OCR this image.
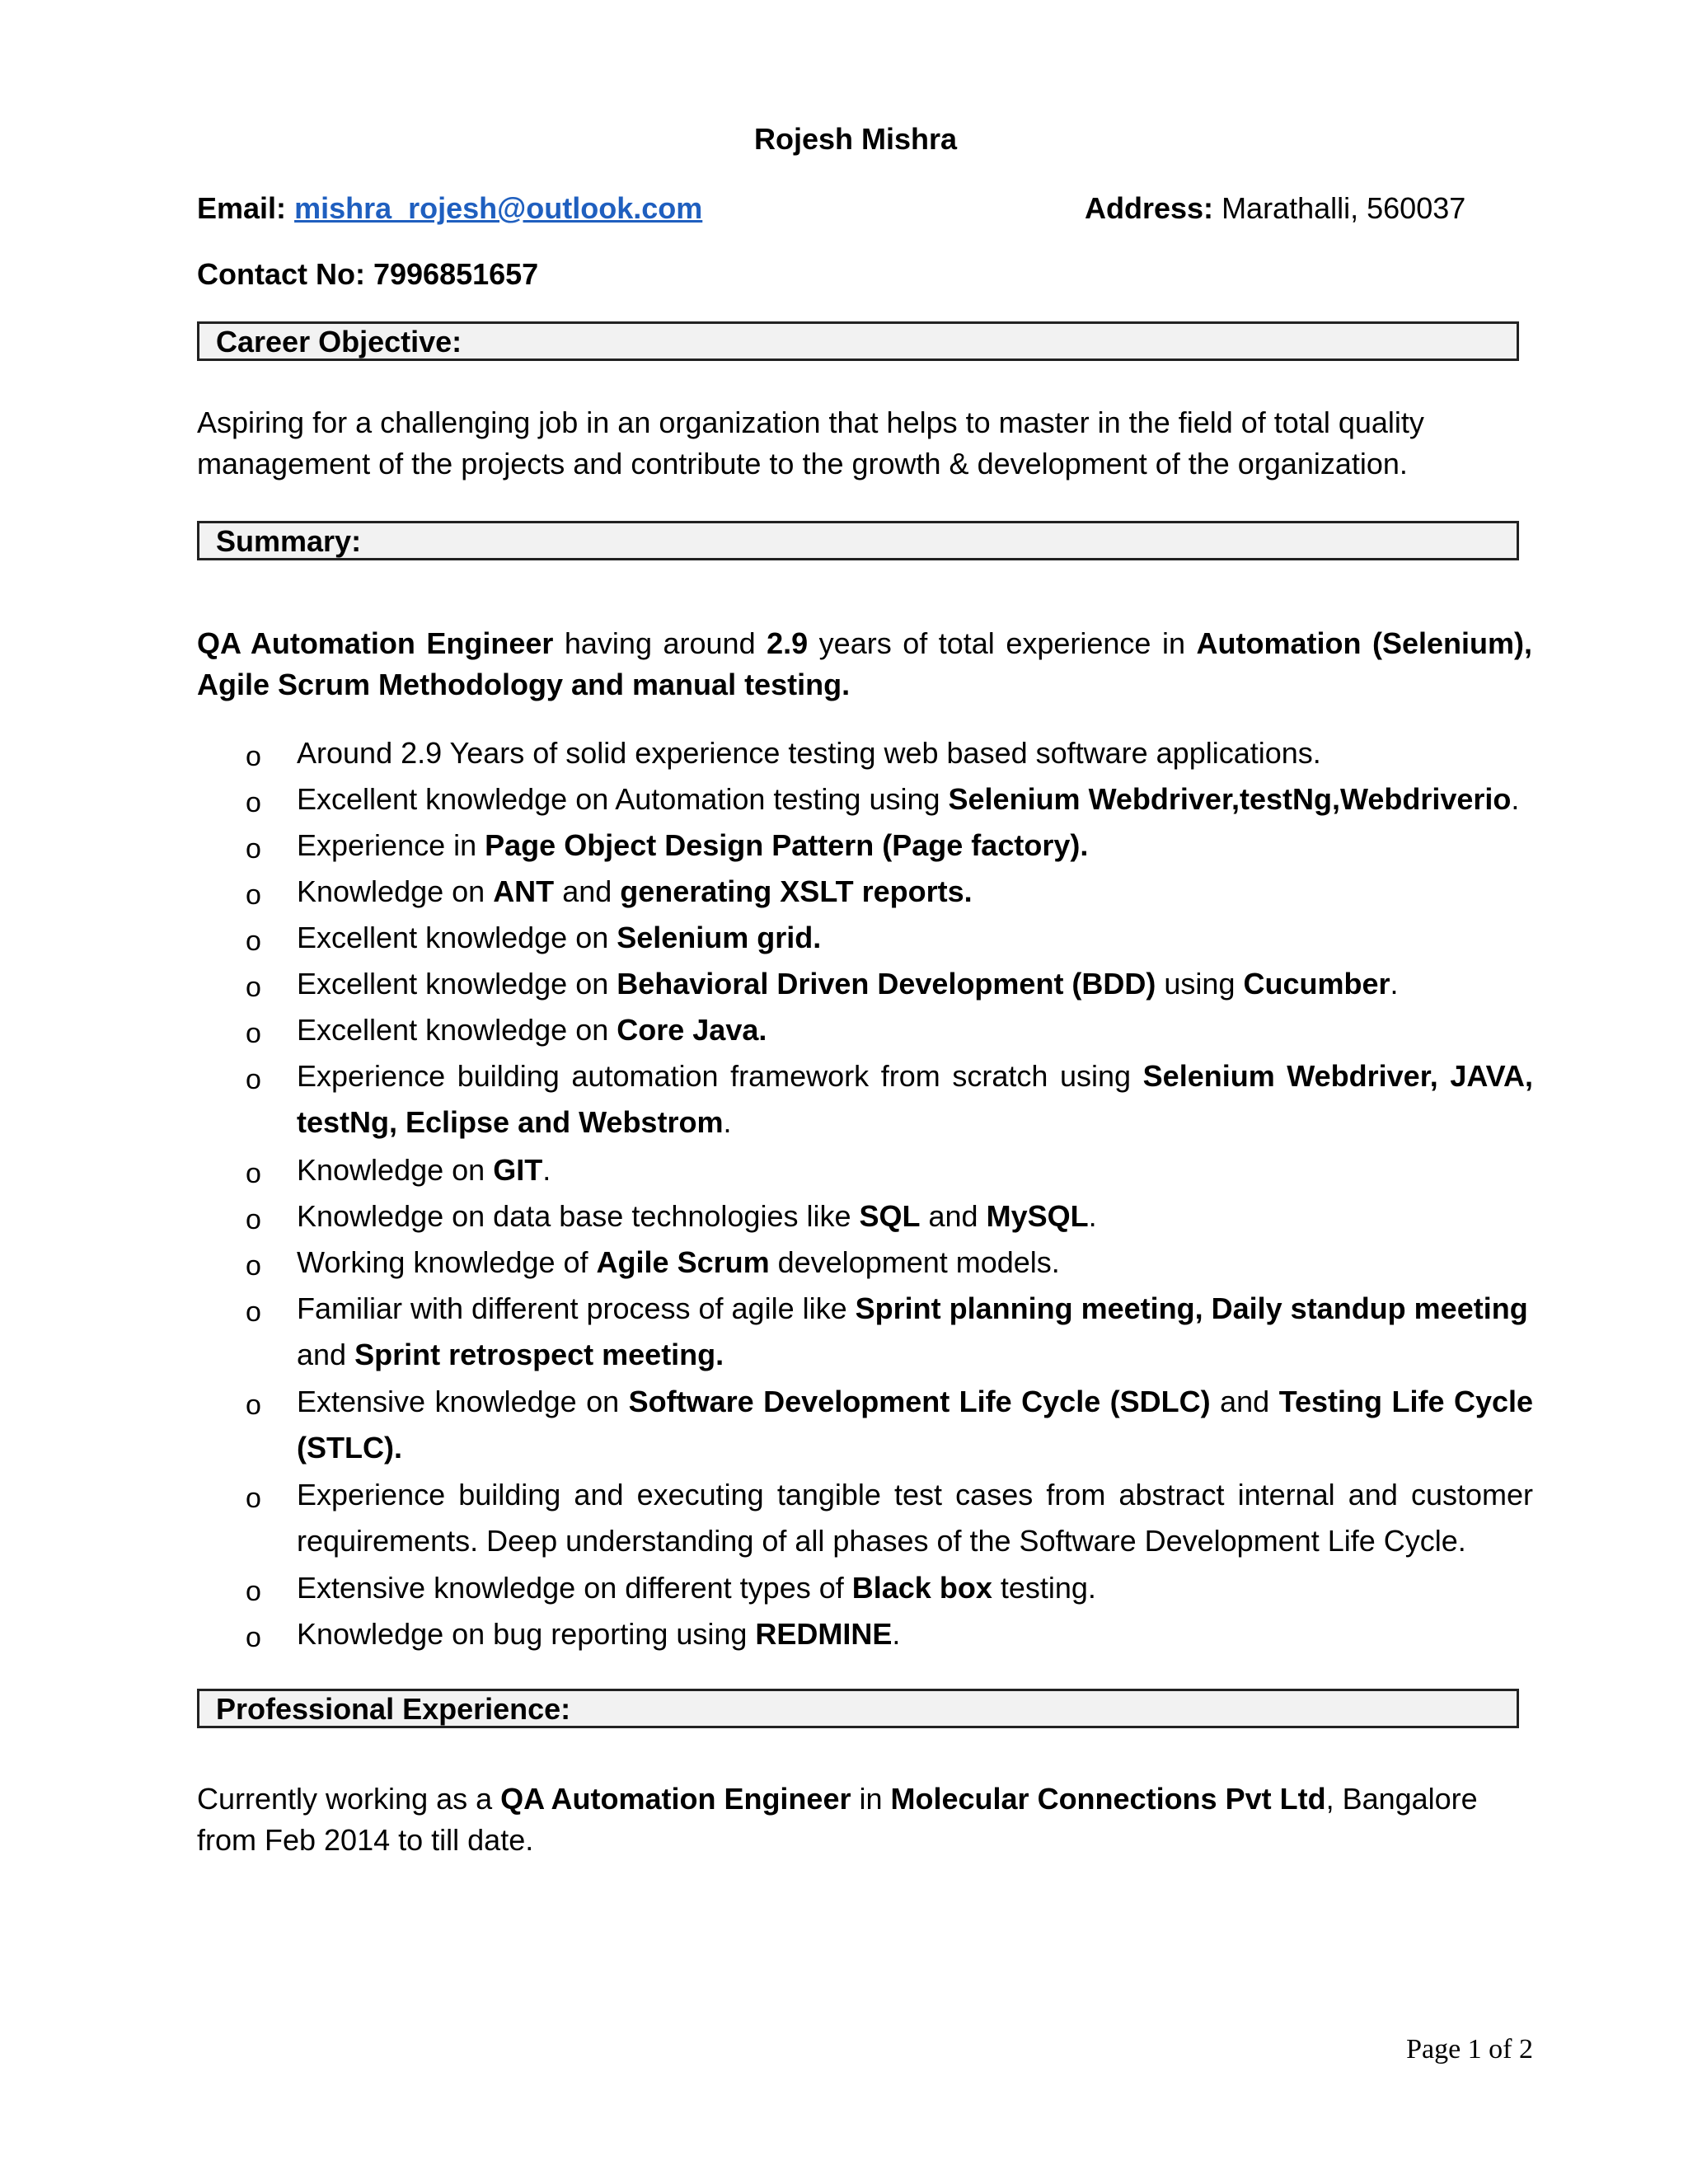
Rojesh Mishra
Email: mishra_rojesh@outlook.com	Address: Marathalli, 560037
Contact No: 7996851657
Career Objective:
Aspiring for a challenging job in an organization that helps to master in the field of total quality management of the projects and contribute to the growth & development of the organization.
Summary:
QA Automation Engineer having around 2.9 years of total experience in Automation (Selenium), Agile Scrum Methodology and manual testing.
o Around 2.9 Years of solid experience testing web based software applications.
o Excellent knowledge on Automation testing using Selenium Webdriver,testNg,Webdriverio.
o Experience in Page Object Design Pattern (Page factory).
o Knowledge on ANT and generating XSLT reports.
o Excellent knowledge on Selenium grid.
o Excellent knowledge on Behavioral Driven Development (BDD) using Cucumber.
o Excellent knowledge on Core Java.
o Experience building automation framework from scratch using Selenium Webdriver, JAVA, testNg, Eclipse and Webstrom.
o Knowledge on GIT.
o Knowledge on data base technologies like SQL and MySQL.
o Working knowledge of Agile Scrum development models.
o Familiar with different process of agile like Sprint planning meeting, Daily standup meeting and Sprint retrospect meeting.
o Extensive knowledge on Software Development Life Cycle (SDLC) and Testing Life Cycle (STLC).
o Experience building and executing tangible test cases from abstract internal and customer requirements. Deep understanding of all phases of the Software Development Life Cycle.
o Extensive knowledge on different types of Black box testing.
o Knowledge on bug reporting using REDMINE.
Professional Experience:
Currently working as a QA Automation Engineer in Molecular Connections Pvt Ltd, Bangalore from Feb 2014 to till date.
Page 1 of 2
